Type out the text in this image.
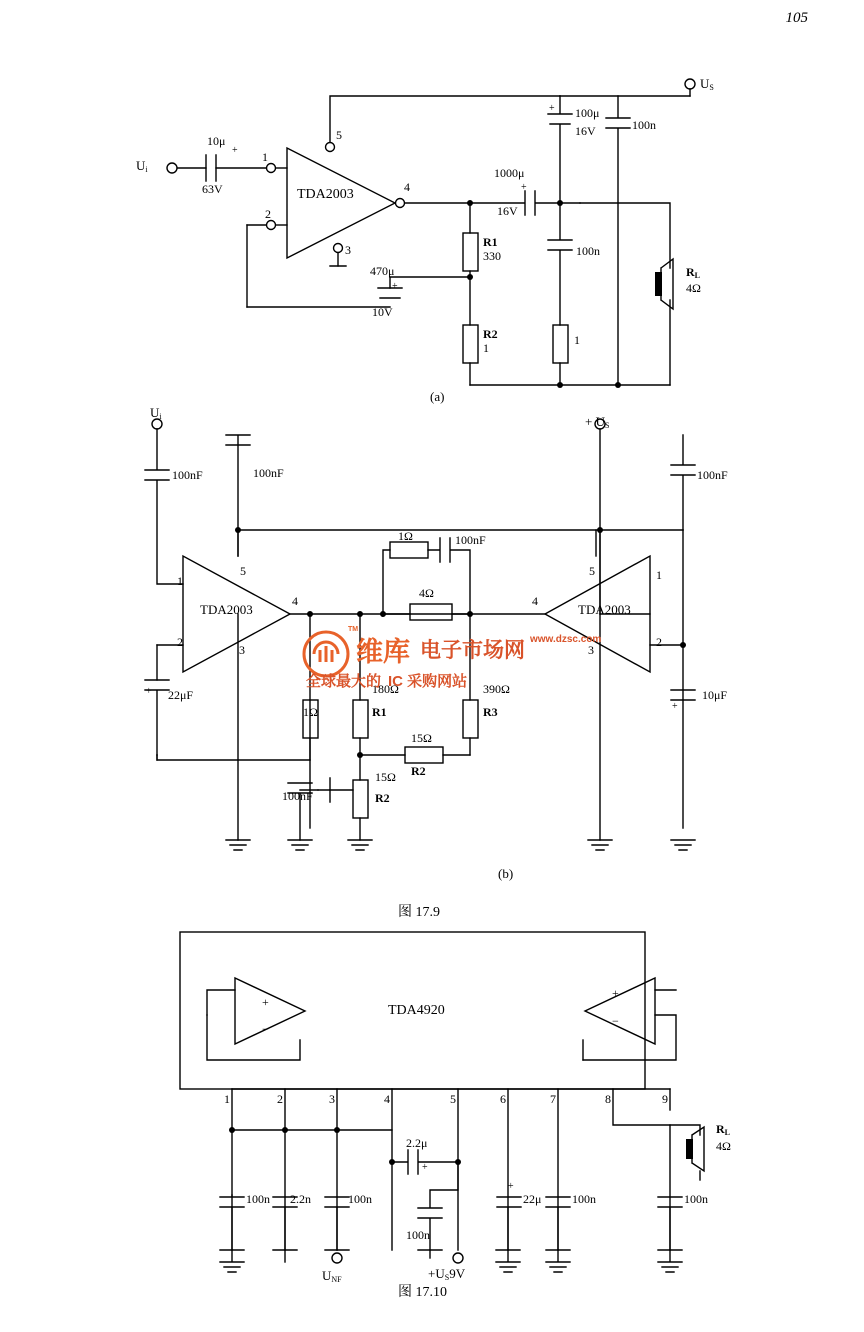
105
$U_i$
10μ
63V
+
TDA2003
1
2
3
4
5
$U_S$
100μ
16V
+
100n
1000μ
16V
+
470μ
10V
+
R1
330
R2
1
100n
1
$R_L$
4Ω
(a)
$U_i$
100nF	100nF	100nF
+ $U_S$
TDA2003	TDA2003
1
2
3
4
5	1
2
3
4
5
1Ω	100nF
4Ω
22μF
+	10μF
+
1Ω
180Ω
R1
390Ω
R3
15Ω
R2
15Ω
R2
100nF
(b)
图 17.9
TDA4920
+
−
+
−
1	2	3	4	5	6	7	8	9
2.2μ
+
100n 2.2n	100n
100n
22μ
+
100n	100n
$U_{NF}$	$+U_S9V$
$R_L$
4Ω
图 17.10
维库 电子市场网 www.dzsc.com
全球最大的 IC 采购网站
TM
